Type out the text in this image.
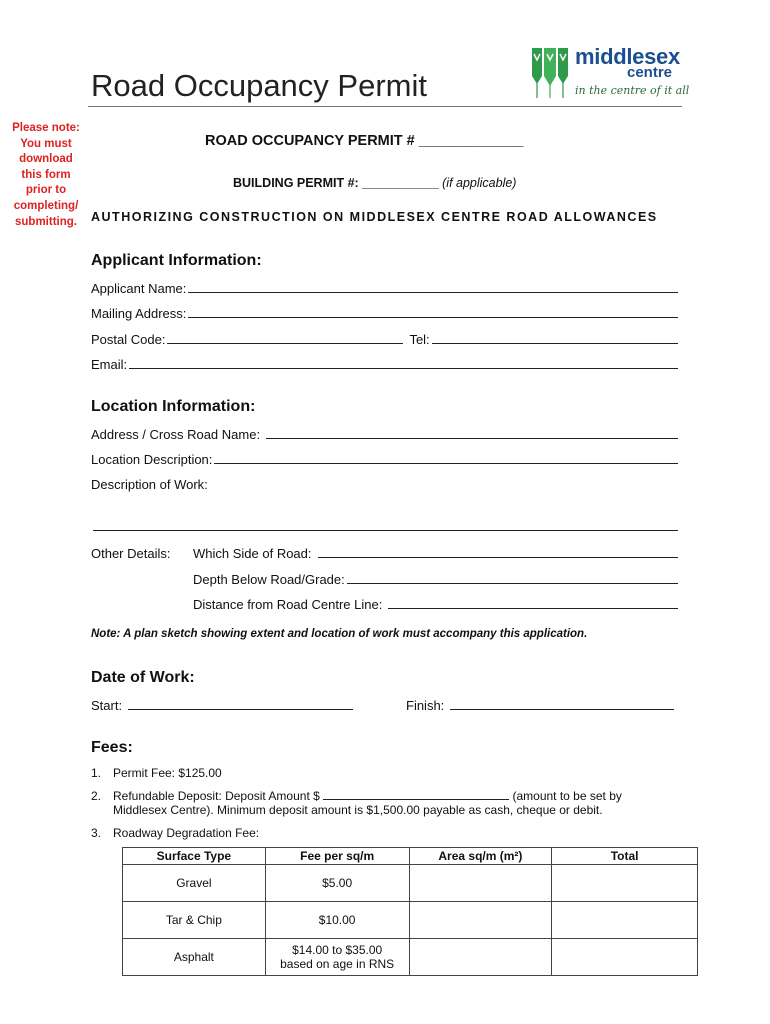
Road Occupancy Permit
middlesex
centre
in the centre of it all
Please note:
You must
download
this form
prior to
completing/
submitting.
ROAD OCCUPANCY PERMIT # _____________
BUILDING PERMIT #: ___________ (if applicable)
AUTHORIZING CONSTRUCTION ON MIDDLESEX CENTRE ROAD ALLOWANCES
Applicant Information:
Applicant Name:
Mailing Address:
Postal Code:	Tel:
Email:
Location Information:
Address / Cross Road Name:
Location Description:
Description of Work:
Other Details:	Which Side of Road:
Depth Below Road/Grade:
Distance from Road Centre Line:
Note: A plan sketch showing extent and location of work must accompany this application.
Date of Work:
Start:	Finish:
Fees:
1. Permit Fee: $125.00
2. Refundable Deposit: Deposit Amount $	(amount to be set by
Middlesex Centre). Minimum deposit amount is $1,500.00 payable as cash, cheque or debit.
3. Roadway Degradation Fee:
Surface Type	Fee per sq/m	Area sq/m (m²)	Total
Gravel	$5.00		
Tar & Chip	$10.00		
Asphalt	$14.00 to $35.00 based on age in RNS		
